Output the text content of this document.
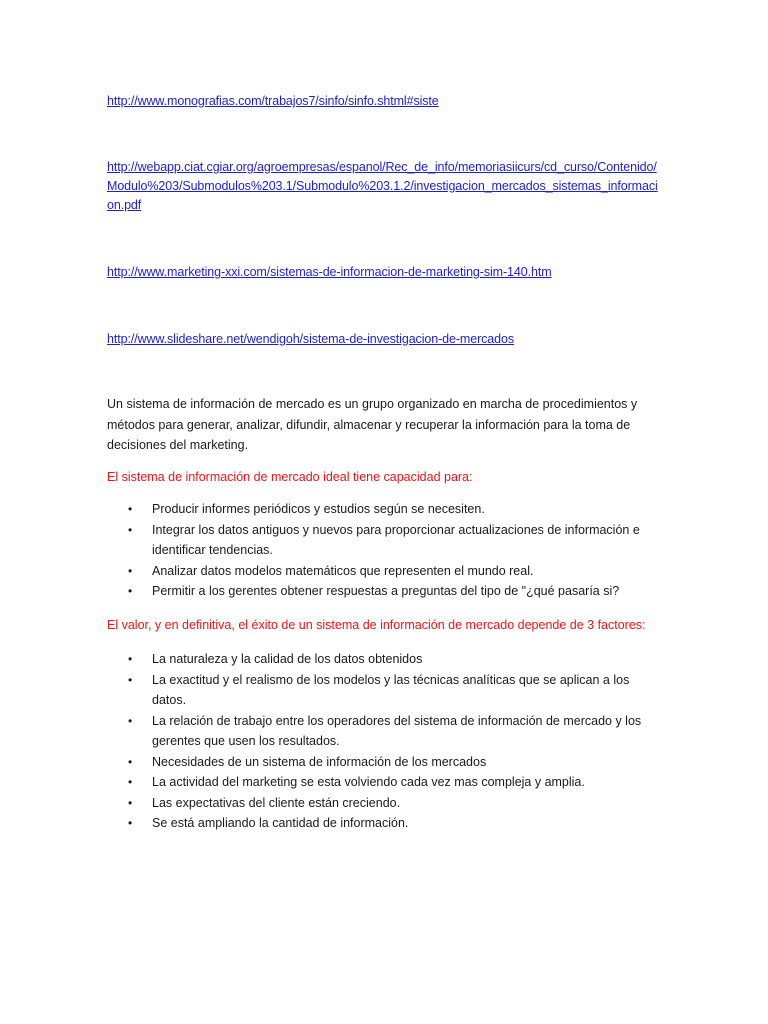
http://www.monografias.com/trabajos7/sinfo/sinfo.shtml#siste
http://webapp.ciat.cgiar.org/agroempresas/espanol/Rec_de_info/memoriasiicurs/cd_curso/Contenido/Modulo%203/Submodulos%203.1/Submodulo%203.1.2/investigacion_mercados_sistemas_informacion.pdf
http://www.marketing-xxi.com/sistemas-de-informacion-de-marketing-sim-140.htm
http://www.slideshare.net/wendigoh/sistema-de-investigacion-de-mercados
Un sistema de información de mercado es un grupo organizado en marcha de procedimientos y métodos para generar, analizar, difundir, almacenar y recuperar la información para la toma de decisiones del marketing.
El sistema de información de mercado ideal tiene capacidad para:
• Producir informes periódicos y estudios según se necesiten.
• Integrar los datos antiguos y nuevos para proporcionar actualizaciones de información e identificar tendencias.
• Analizar datos modelos matemáticos que representen el mundo real.
• Permitir a los gerentes obtener respuestas a preguntas del tipo de "¿qué pasaría si?
El valor, y en definitiva, el éxito de un sistema de información de mercado depende de 3 factores:
• La naturaleza y la calidad de los datos obtenidos
• La exactitud y el realismo de los modelos y las técnicas analíticas que se aplican a los datos.
• La relación de trabajo entre los operadores del sistema de información de mercado y los gerentes que usen los resultados.
• Necesidades de un sistema de información de los mercados
• La actividad del marketing se esta volviendo cada vez mas compleja y amplia.
• Las expectativas del cliente están creciendo.
• Se está ampliando la cantidad de información.
